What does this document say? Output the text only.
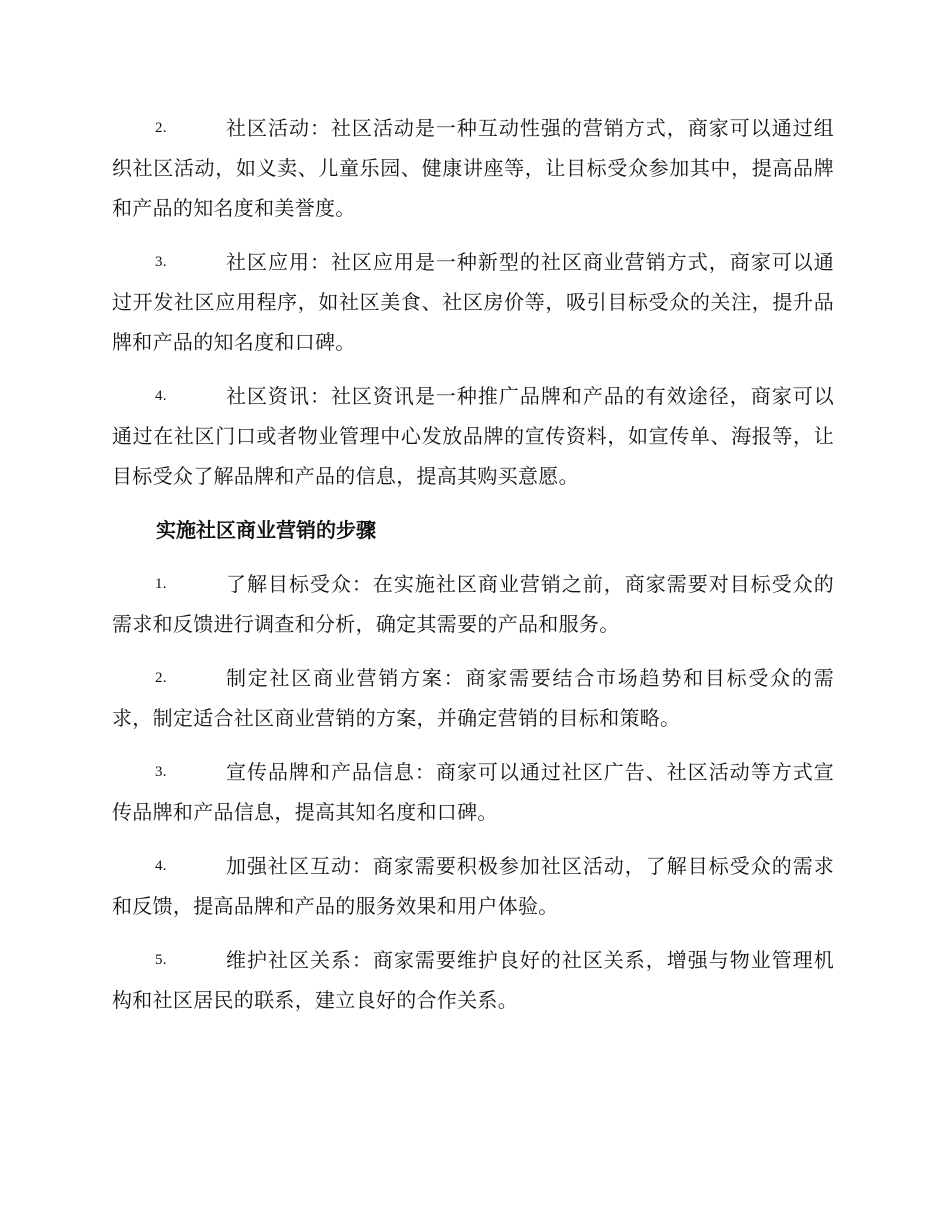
2.	社区活动：社区活动是一种互动性强的营销方式，商家可以通过组织社区活动，如义卖、儿童乐园、健康讲座等，让目标受众参加其中，提高品牌和产品的知名度和美誉度。
3.	社区应用：社区应用是一种新型的社区商业营销方式，商家可以通过开发社区应用程序，如社区美食、社区房价等，吸引目标受众的关注，提升品牌和产品的知名度和口碑。
4.	社区资讯：社区资讯是一种推广品牌和产品的有效途径，商家可以通过在社区门口或者物业管理中心发放品牌的宣传资料，如宣传单、海报等，让目标受众了解品牌和产品的信息，提高其购买意愿。
实施社区商业营销的步骤
1.	了解目标受众：在实施社区商业营销之前，商家需要对目标受众的需求和反馈进行调查和分析，确定其需要的产品和服务。
2.	制定社区商业营销方案：商家需要结合市场趋势和目标受众的需求，制定适合社区商业营销的方案，并确定营销的目标和策略。
3.	宣传品牌和产品信息：商家可以通过社区广告、社区活动等方式宣传品牌和产品信息，提高其知名度和口碑。
4.	加强社区互动：商家需要积极参加社区活动，了解目标受众的需求和反馈，提高品牌和产品的服务效果和用户体验。
5.	维护社区关系：商家需要维护良好的社区关系，增强与物业管理机构和社区居民的联系，建立良好的合作关系。
